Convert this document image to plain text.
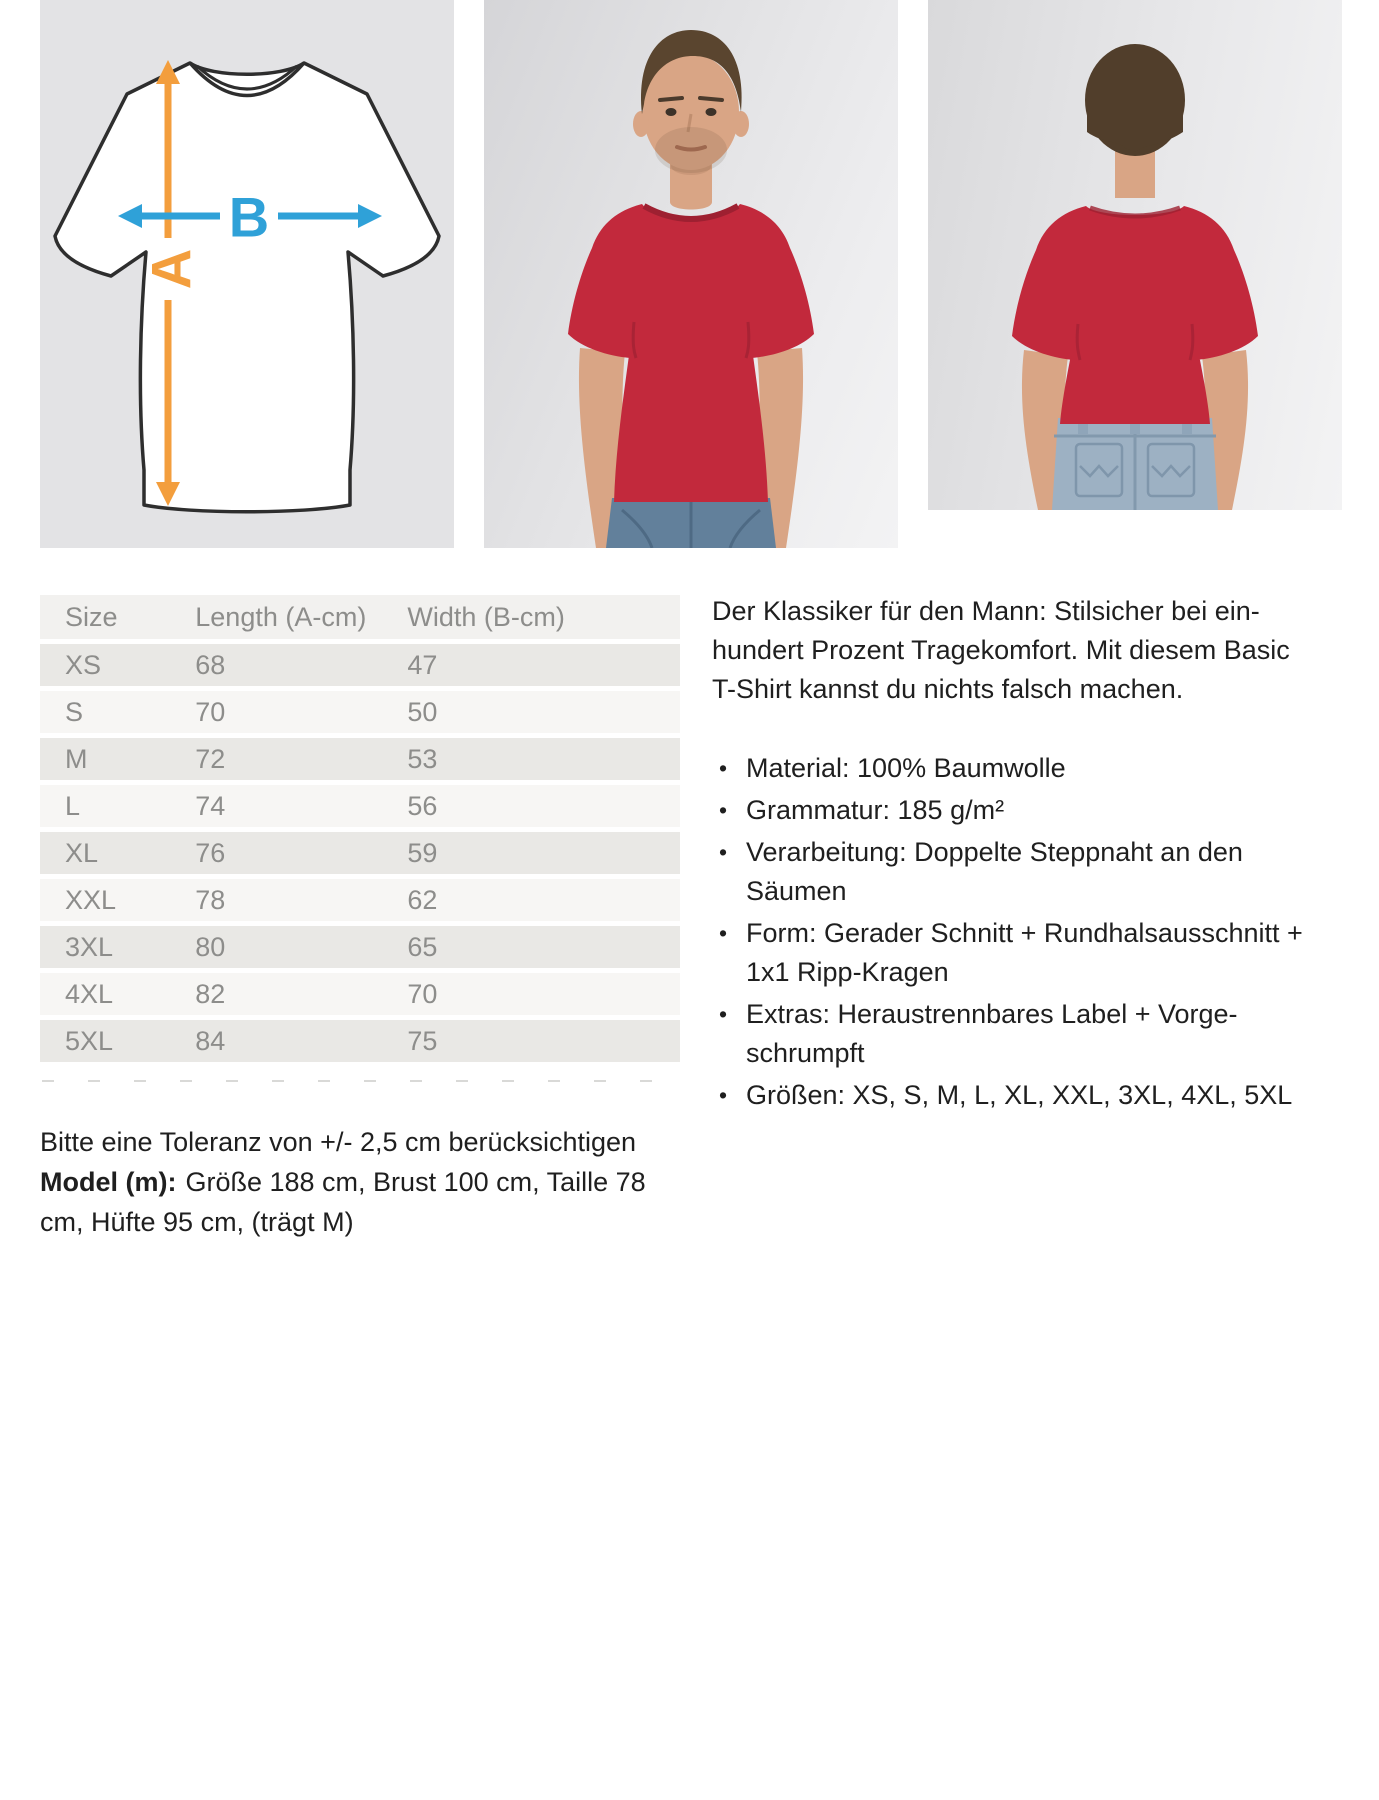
A
B
Size	Length (A-cm)	Width (B-cm)
XS	68	47
S	70	50
M	72	53
L	74	56
XL	76	59
XXL	78	62
3XL	80	65
4XL	82	70
5XL	84	75

Der Klassiker für den Mann: Stilsicher bei einhundert Prozent Tragekomfort. Mit diesem Basic T-Shirt kannst du nichts falsch machen.

• Material: 100% Baumwolle
• Grammatur: 185 g/m²
• Verarbeitung: Doppelte Steppnaht an den Säumen
• Form: Gerader Schnitt + Rundhalsausschnitt + 1x1 Ripp-Kragen
• Extras: Heraustrennbares Label + Vorgeschrumpft
• Größen: XS, S, M, L, XL, XXL, 3XL, 4XL, 5XL

Bitte eine Toleranz von +/- 2,5 cm berücksichtigen

Model (m): Größe 188 cm, Brust 100 cm, Taille 78 cm, Hüfte 95 cm, (trägt M)
